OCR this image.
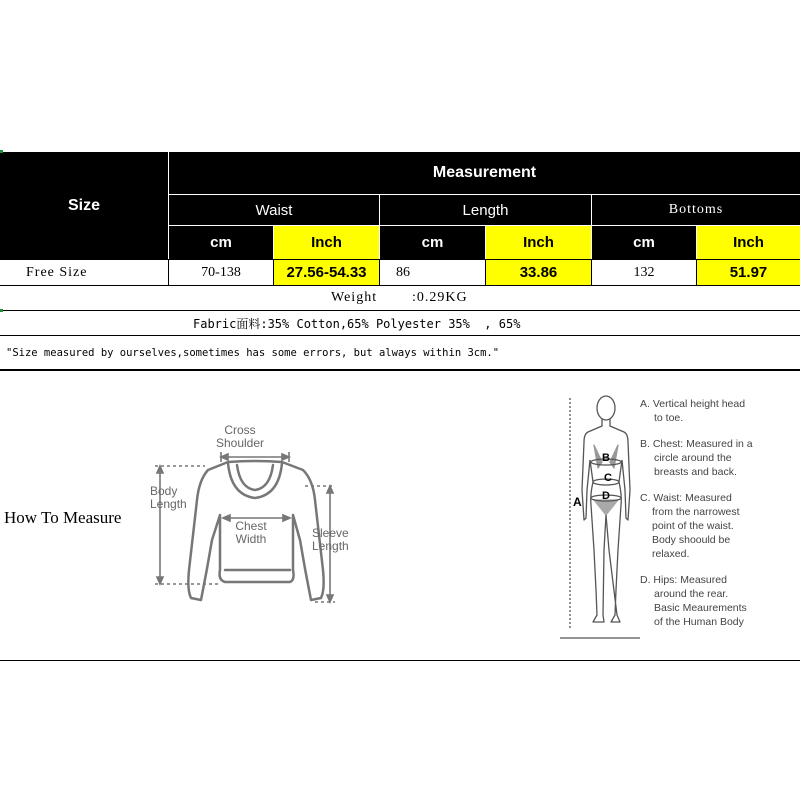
Size
Measurement
Waist	Length	Bottoms
cm	Inch	cm	Inch	cm	Inch
Free Size	70-138	27.56-54.33	86	33.86	132	51.97
Weight :0.29KG
Fabric面料:35% Cotton,65% Polyester 35%  , 65%
"Size measured by ourselves,sometimes has some errors, but always within 3cm."
How To Measure
Cross
Shoulder
Body
Length
Chest
Width	Sleeve
Length
A
B
C
D
A. Vertical height head
to toe.
B. Chest: Measured in a
circle around the
breasts and back.
C. Waist: Measured
from the narrowest
point of the waist.
Body shoould be
relaxed.
D. Hips: Measured
around the rear.
Basic Meaurements
of the Human Body
